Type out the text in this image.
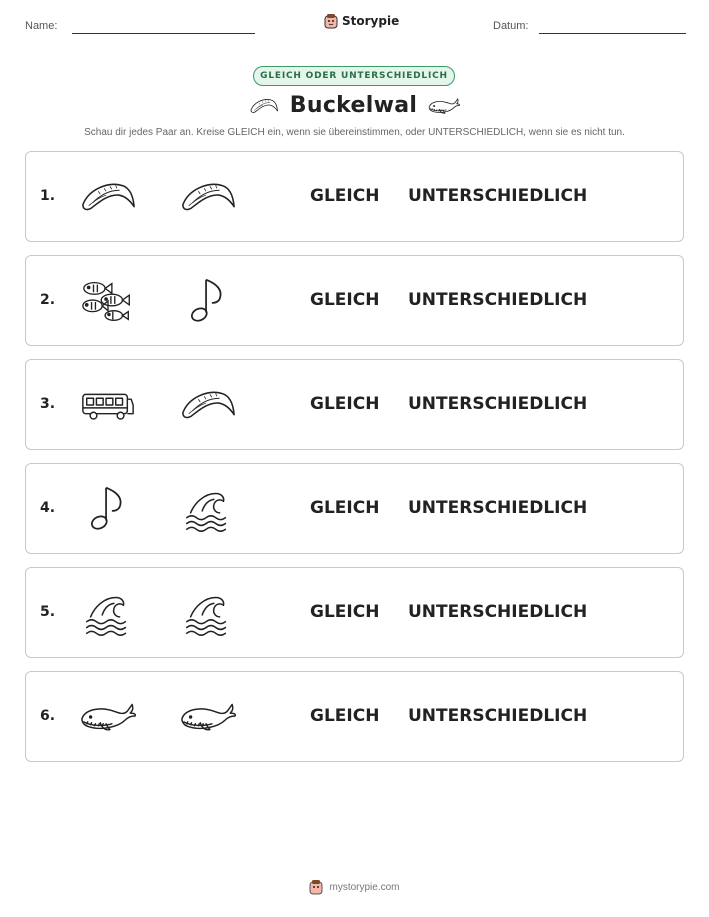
Name:	Storypie	Datum:
GLEICH ODER UNTERSCHIEDLICH
Buckelwal
Schau dir jedes Paar an. Kreise GLEICH ein, wenn sie übereinstimmen, oder UNTERSCHIEDLICH, wenn sie es nicht tun.
1.	GLEICH UNTERSCHIEDLICH
2.	GLEICH UNTERSCHIEDLICH
3.	GLEICH UNTERSCHIEDLICH
4.	GLEICH UNTERSCHIEDLICH
5.	GLEICH UNTERSCHIEDLICH
6.	GLEICH UNTERSCHIEDLICH
mystorypie.com
